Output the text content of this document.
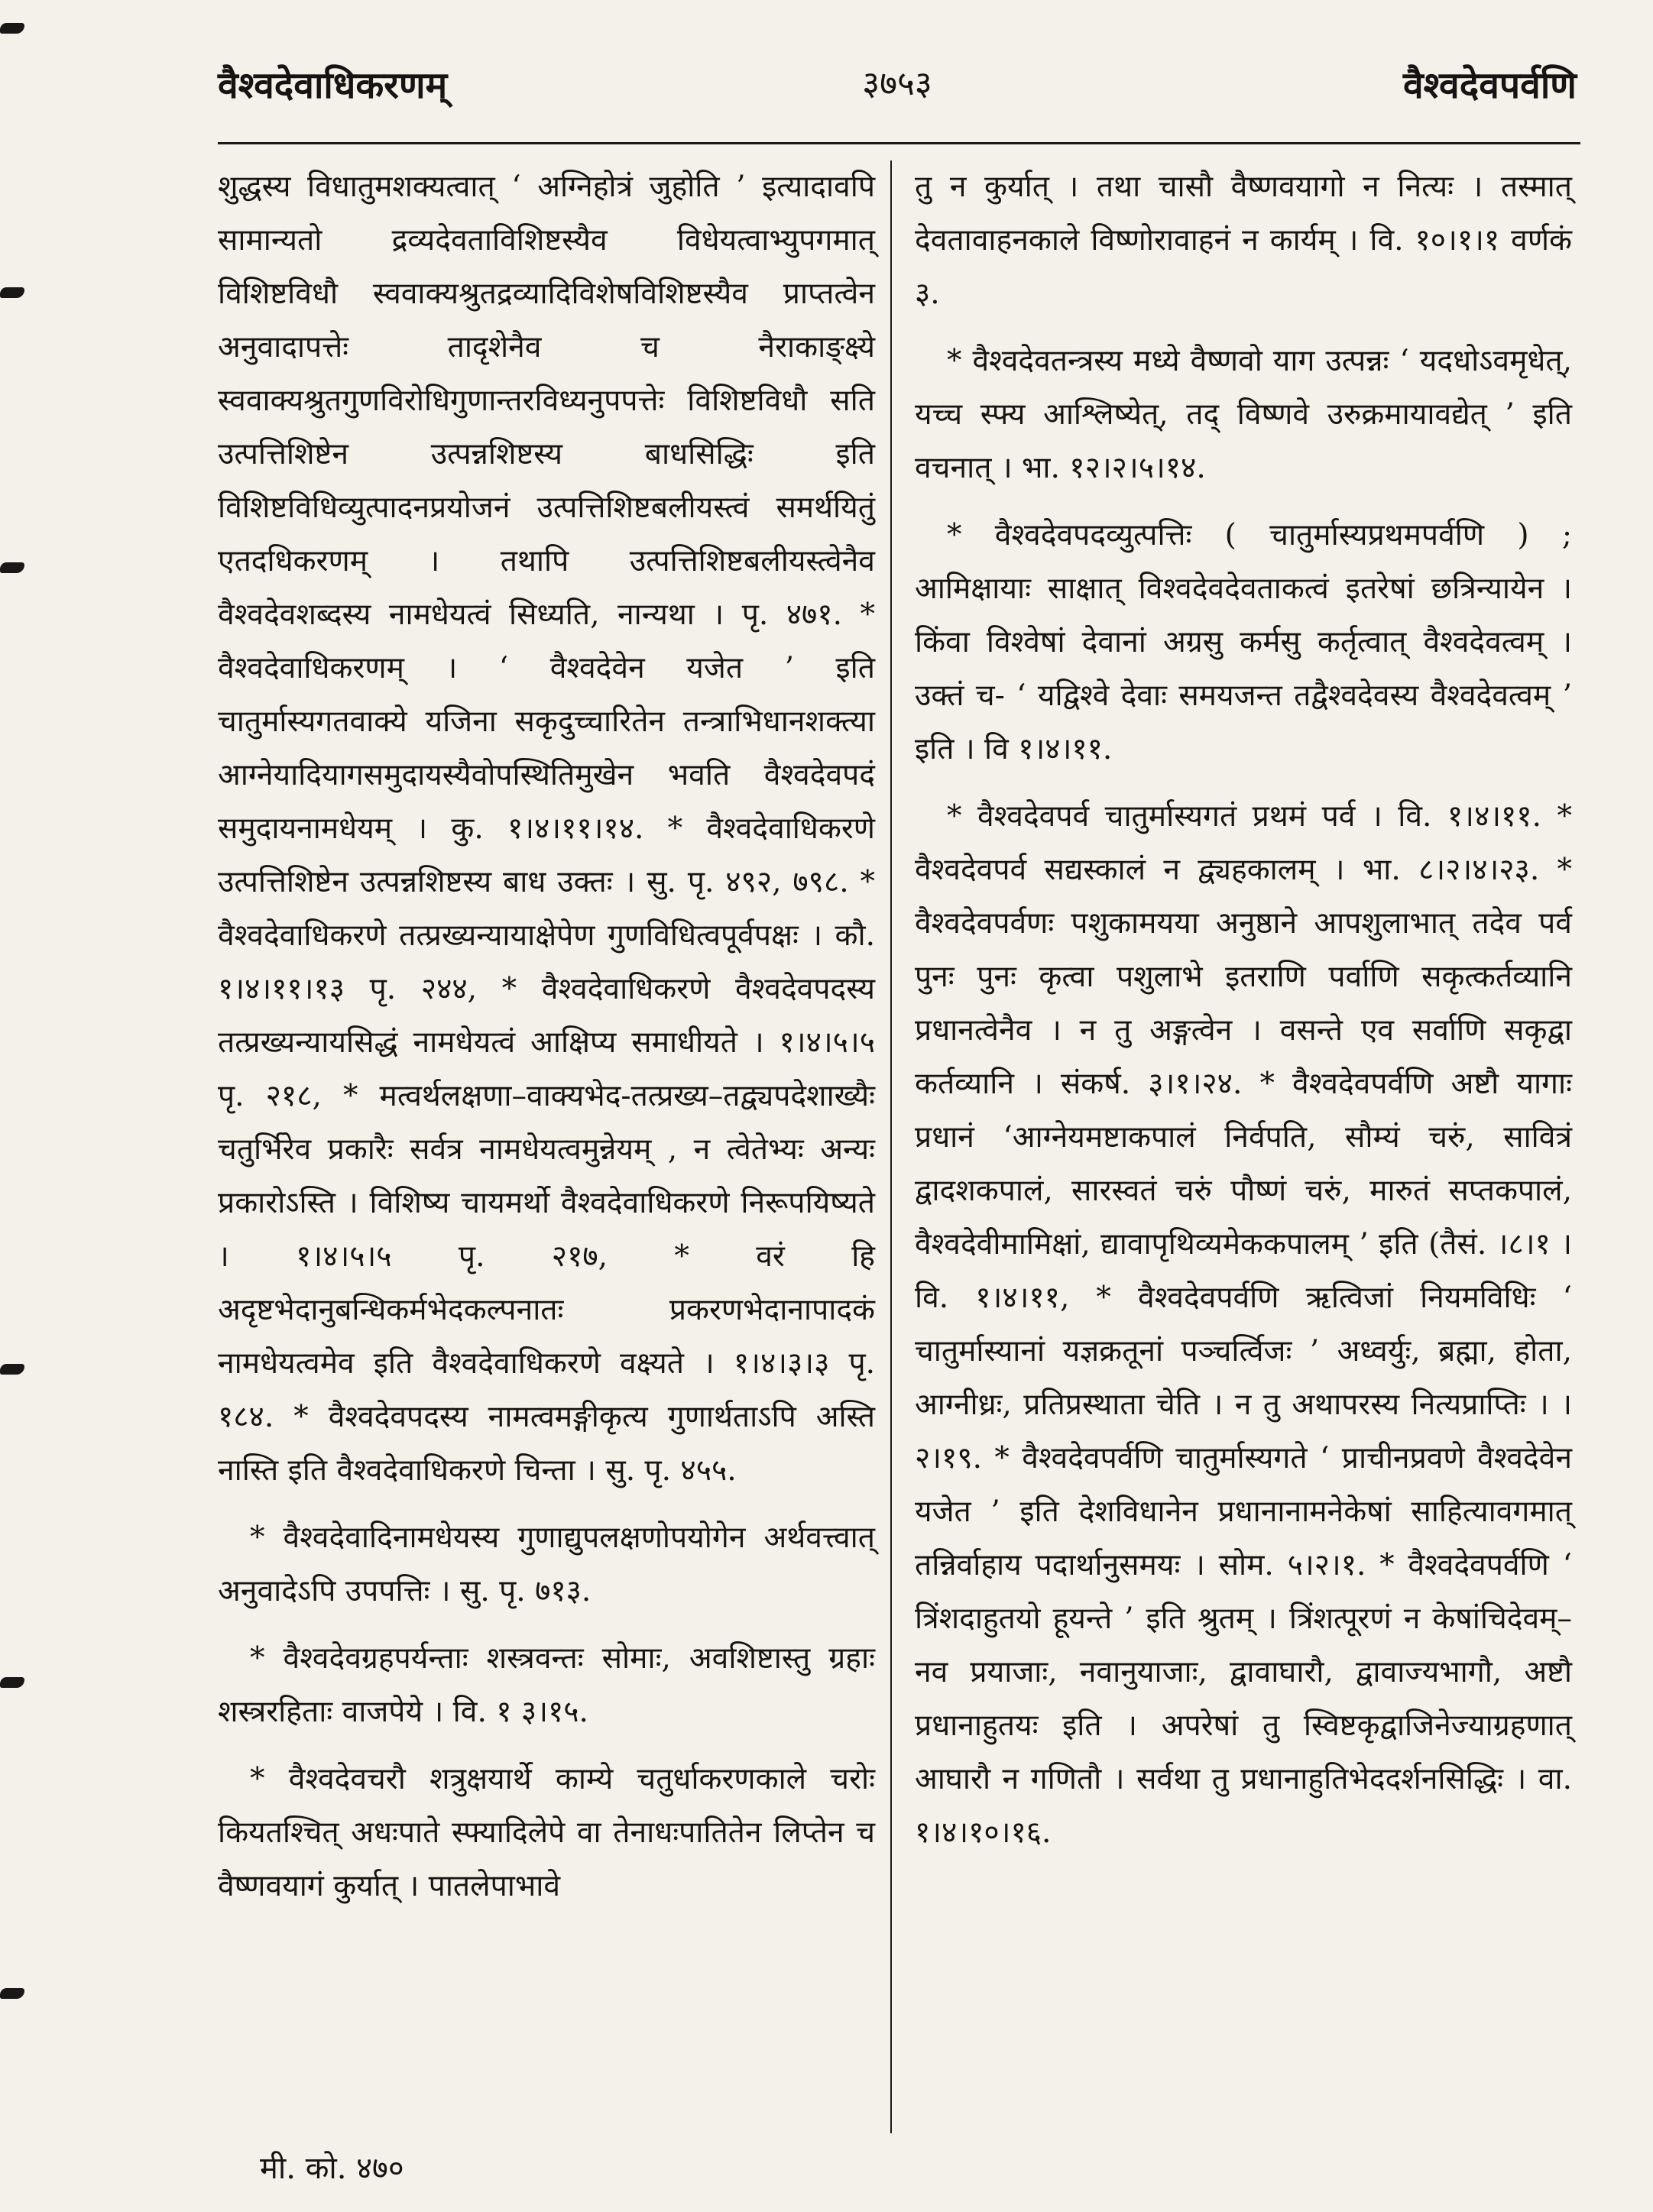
वैश्वदेवाधिकरणम्	३७५३	वैश्वदेवपर्वणि

शुद्धस्य विधातुमशक्यत्वात् ‘ अग्निहोत्रं जुहोति ’ इत्यादावपि सामान्यतो द्रव्यदेवताविशिष्टस्यैव विधेयत्वाभ्युपगमात् विशिष्टविधौ स्ववाक्यश्रुतद्रव्यादिविशेषविशिष्टस्यैव प्राप्तत्वेन अनुवादापत्तेः तादृशेनैव च नैराकाङ्क्ष्ये स्ववाक्यश्रुतगुणविरोधिगुणान्तरविध्यनुपपत्तेः विशिष्टविधौ सति उत्पत्तिशिष्टेन उत्पन्नशिष्टस्य बाधसिद्धिः इति विशिष्टविधिव्युत्पादनप्रयोजनं उत्पत्तिशिष्टबलीयस्त्वं समर्थयितुं एतदधिकरणम् । तथापि उत्पत्तिशिष्टबलीयस्त्वेनैव वैश्वदेवशब्दस्य नामधेयत्वं सिध्यति, नान्यथा । पृ. ४७१. * वैश्वदेवाधिकरणम् । ‘ वैश्वदेवेन यजेत ’ इति चातुर्मास्यगतवाक्ये यजिना सकृदुच्चारितेन तन्त्राभिधानशक्त्या आग्नेयादियागसमुदायस्यैवोपस्थितिमुखेन भवति वैश्वदेवपदं समुदायनामधेयम् । कु. १।४।११।१४. * वैश्वदेवाधिकरणे उत्पत्तिशिष्टेन उत्पन्नशिष्टस्य बाध उक्तः । सु. पृ. ४९२, ७९८. * वैश्वदेवाधिकरणे तत्प्रख्यन्यायाक्षेपेण गुणविधित्वपूर्वपक्षः । कौ. १।४।११।१३ पृ. २४४, * वैश्वदेवाधिकरणे वैश्वदेवपदस्य तत्प्रख्यन्यायसिद्धं नामधेयत्वं आक्षिप्य समाधीयते । १।४।५।५ पृ. २१८, * मत्वर्थलक्षणा–वाक्यभेद-तत्प्रख्य–तद्व्यपदेशाख्यैः चतुर्भिरेव प्रकारैः सर्वत्र नामधेयत्वमुन्नेयम् , न त्वेतेभ्यः अन्यः प्रकारोऽस्ति । विशिष्य चायमर्थो वैश्वदेवाधिकरणे निरूपयिष्यते । १।४।५।५ पृ. २१७, * वरं हि अदृष्टभेदानुबन्धिकर्मभेदकल्पनातः प्रकरणभेदानापादकं नामधेयत्वमेव इति वैश्वदेवाधिकरणे वक्ष्यते । १।४।३।३ पृ. १८४. * वैश्वदेवपदस्य नामत्वमङ्गीकृत्य गुणार्थताऽपि अस्ति नास्ति इति वैश्वदेवाधिकरणे चिन्ता । सु. पृ. ४५५.

* वैश्वदेवादिनामधेयस्य गुणाद्युपलक्षणोपयोगेन अर्थवत्त्वात् अनुवादेऽपि उपपत्तिः । सु. पृ. ७१३.

* वैश्वदेवग्रहपर्यन्ताः शस्त्रवन्तः सोमाः, अवशिष्टास्तु ग्रहाः शस्त्ररहिताः वाजपेये । वि. १ ३।१५.

* वैश्वदेवचरौ शत्रुक्षयार्थे काम्ये चतुर्धाकरणकाले चरोः कियतश्चित् अधःपाते स्फ्यादिलेपे वा तेनाधःपातितेन लिप्तेन च वैष्णवयागं कुर्यात् । पातलेपाभावे

तु न कुर्यात् । तथा चासौ वैष्णवयागो न नित्यः । तस्मात् देवतावाहनकाले विष्णोरावाहनं न कार्यम् । वि. १०।१।१ वर्णकं ३.

* वैश्वदेवतन्त्रस्य मध्ये वैष्णवो याग उत्पन्नः ‘ यदधोऽवमृधेत्, यच्च स्फ्य आश्लिष्येत्, तद् विष्णवे उरुक्रमायावद्येत् ’ इति वचनात् । भा. १२।२।५।१४.

* वैश्वदेवपदव्युत्पत्तिः ( चातुर्मास्यप्रथमपर्वणि ) ; आमिक्षायाः साक्षात् विश्वदेवदेवताकत्वं इतरेषां छत्रिन्यायेन । किंवा विश्वेषां देवानां अग्रसु कर्मसु कर्तृत्वात् वैश्वदेवत्वम् । उक्तं च- ‘ यद्विश्वे देवाः समयजन्त तद्वैश्वदेवस्य वैश्वदेवत्वम् ’ इति । वि १।४।११.

* वैश्वदेवपर्व चातुर्मास्यगतं प्रथमं पर्व । वि. १।४।११. * वैश्वदेवपर्व सद्यस्कालं न द्व्यहकालम् । भा. ८।२।४।२३. * वैश्वदेवपर्वणः पशुकामयया अनुष्ठाने आपशुलाभात् तदेव पर्व पुनः पुनः कृत्वा पशुलाभे इतराणि पर्वाणि सकृत्कर्तव्यानि प्रधानत्वेनैव । न तु अङ्गत्वेन । वसन्ते एव सर्वाणि सकृद्वा कर्तव्यानि । संकर्ष. ३।१।२४. * वैश्वदेवपर्वणि अष्टौ यागाः प्रधानं ‘आग्नेयमष्टाकपालं निर्वपति, सौम्यं चरुं, सावित्रं द्वादशकपालं, सारस्वतं चरुं पौष्णं चरुं, मारुतं सप्तकपालं, वैश्वदेवीमामिक्षां, द्यावापृथिव्यमेककपालम् ’ इति (तैसं. ।८।१ । वि. १।४।११, * वैश्वदेवपर्वणि ऋत्विजां नियमविधिः ‘ चातुर्मास्यानां यज्ञक्रतूनां पञ्चर्त्विजः ’ अध्वर्युः, ब्रह्मा, होता, आग्नीध्रः, प्रतिप्रस्थाता चेति । न तु अथापरस्य नित्यप्राप्तिः । ।२।१९. * वैश्वदेवपर्वणि चातुर्मास्यगते ‘ प्राचीनप्रवणे वैश्वदेवेन यजेत ’ इति देशविधानेन प्रधानानामनेकेषां साहित्यावगमात् तन्निर्वाहाय पदार्थानुसमयः । सोम. ५।२।१. * वैश्वदेवपर्वणि ‘ त्रिंशदाहुतयो हूयन्ते ’ इति श्रुतम् । त्रिंशत्पूरणं न केषांचिदेवम्–नव प्रयाजाः, नवानुयाजाः, द्वावाघारौ, द्वावाज्यभागौ, अष्टौ प्रधानाहुतयः इति । अपरेषां तु स्विष्टकृद्वाजिनेज्याग्रहणात् आघारौ न गणितौ । सर्वथा तु प्रधानाहुतिभेददर्शनसिद्धिः । वा. १।४।१०।१६.

मी. को. ४७०
